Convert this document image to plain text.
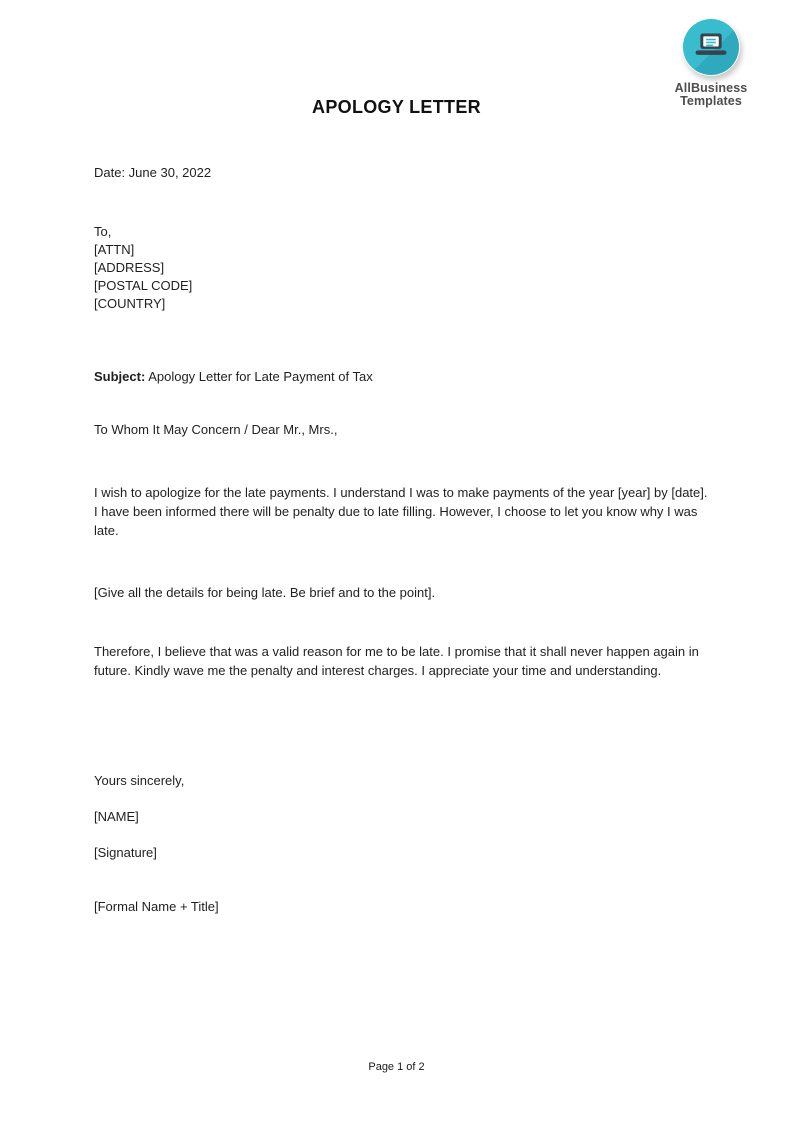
AllBusiness
Templates
APOLOGY LETTER
Date: June 30, 2022
To,
[ATTN]
[ADDRESS]
[POSTAL CODE]
[COUNTRY]
Subject: Apology Letter for Late Payment of Tax
To Whom It May Concern / Dear Mr., Mrs.,
I wish to apologize for the late payments. I understand I was to make payments of the year [year] by [date]. I have been informed there will be penalty due to late filling. However, I choose to let you know why I was late.
[Give all the details for being late. Be brief and to the point].
Therefore, I believe that was a valid reason for me to be late. I promise that it shall never happen again in future. Kindly wave me the penalty and interest charges. I appreciate your time and understanding.
Yours sincerely,
[NAME]
[Signature]
[Formal Name + Title]
Page 1 of 2
